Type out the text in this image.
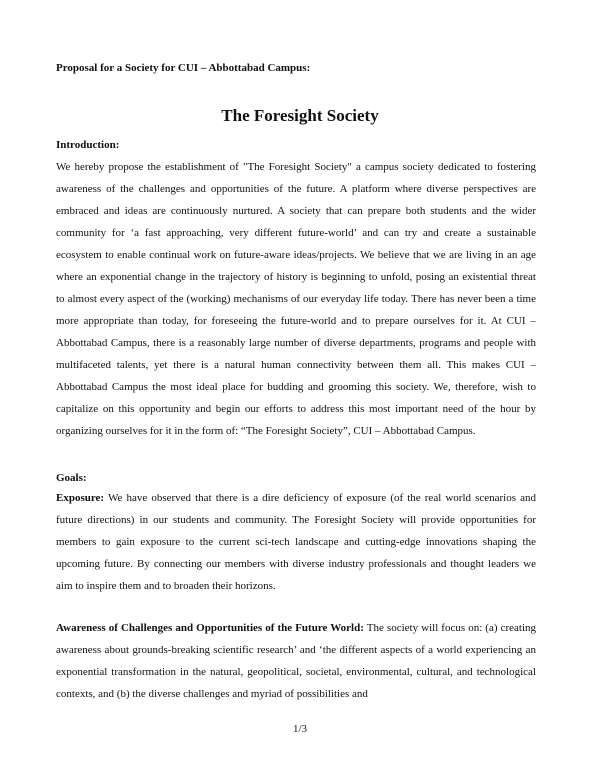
Proposal for a Society for CUI – Abbottabad Campus:
The Foresight Society
Introduction:

We hereby propose the establishment of "The Foresight Society" a campus society dedicated to fostering awareness of the challenges and opportunities of the future. A platform where diverse perspectives are embraced and ideas are continuously nurtured. A society that can prepare both students and the wider community for ‘a fast approaching, very different future-world’ and can try and create a sustainable ecosystem to enable continual work on future-aware ideas/projects. We believe that we are living in an age where an exponential change in the trajectory of history is beginning to unfold, posing an existential threat to almost every aspect of the (working) mechanisms of our everyday life today. There has never been a time more appropriate than today, for foreseeing the future-world and to prepare ourselves for it. At CUI – Abbottabad Campus, there is a reasonably large number of diverse departments, programs and people with multifaceted talents, yet there is a natural human connectivity between them all. This makes CUI – Abbottabad Campus the most ideal place for budding and grooming this society. We, therefore, wish to capitalize on this opportunity and begin our efforts to address this most important need of the hour by organizing ourselves for it in the form of: “The Foresight Society”, CUI – Abbottabad Campus.

Goals:

Exposure: We have observed that there is a dire deficiency of exposure (of the real world scenarios and future directions) in our students and community. The Foresight Society will provide opportunities for members to gain exposure to the current sci-tech landscape and cutting-edge innovations shaping the upcoming future. By connecting our members with diverse industry professionals and thought leaders we aim to inspire them and to broaden their horizons.

Awareness of Challenges and Opportunities of the Future World: The society will focus on: (a) creating awareness about grounds-breaking scientific research’ and ‘the different aspects of a world experiencing an exponential transformation in the natural, geopolitical, societal, environmental, cultural, and technological contexts, and (b) the diverse challenges and myriad of possibilities and

1/3
